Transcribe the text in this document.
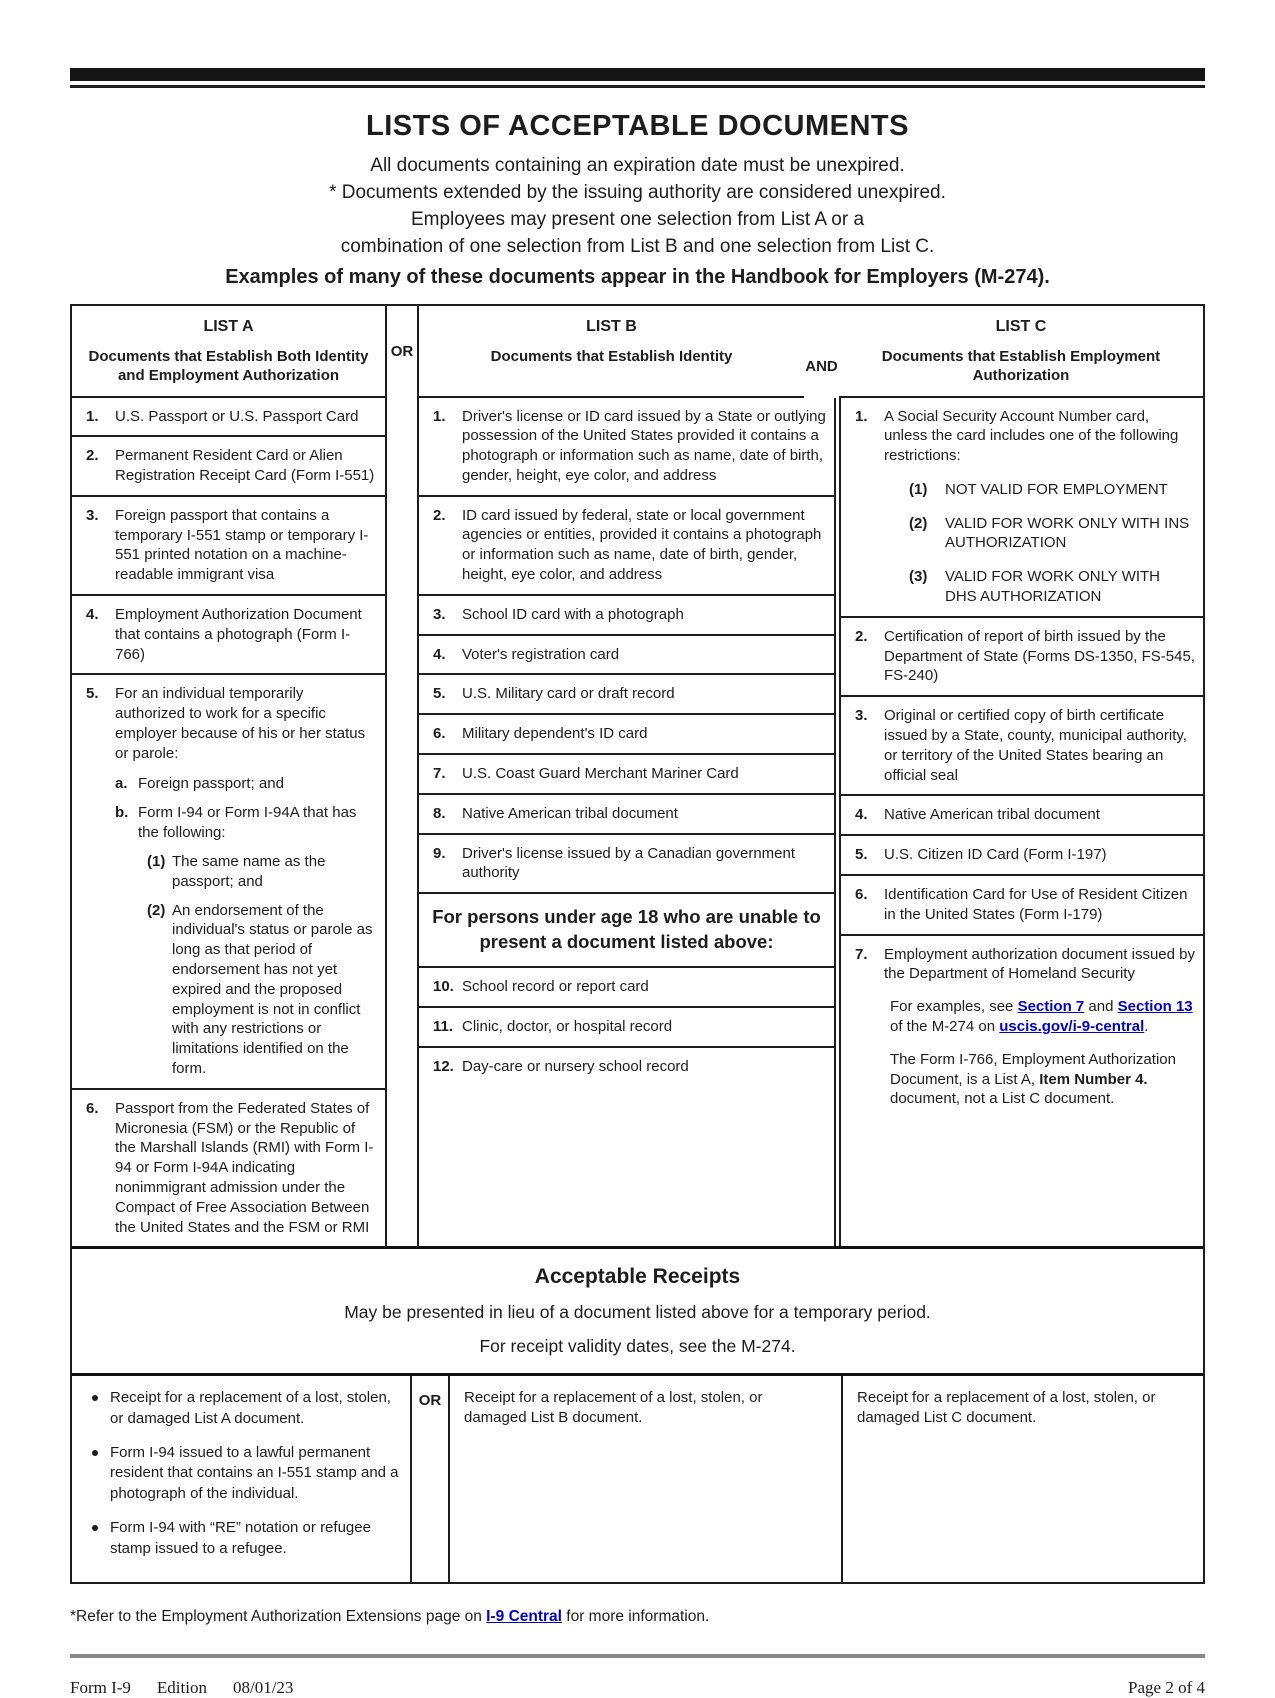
LISTS OF ACCEPTABLE DOCUMENTS
All documents containing an expiration date must be unexpired.
* Documents extended by the issuing authority are considered unexpired.
Employees may present one selection from List A or a
combination of one selection from List B and one selection from List C.
Examples of many of these documents appear in the Handbook for Employers (M-274).
LIST A
Documents that Establish Both Identity and Employment Authorization
OR
LIST B
Documents that Establish Identity
AND
LIST C
Documents that Establish Employment Authorization
1. U.S. Passport or U.S. Passport Card
2. Permanent Resident Card or Alien Registration Receipt Card (Form I-551)
3. Foreign passport that contains a temporary I-551 stamp or temporary I-551 printed notation on a machine-readable immigrant visa
4. Employment Authorization Document that contains a photograph (Form I-766)
5. For an individual temporarily authorized to work for a specific employer because of his or her status or parole:
a. Foreign passport; and
b. Form I-94 or Form I-94A that has the following:
(1) The same name as the passport; and
(2) An endorsement of the individual's status or parole as long as that period of endorsement has not yet expired and the proposed employment is not in conflict with any restrictions or limitations identified on the form.
6. Passport from the Federated States of Micronesia (FSM) or the Republic of the Marshall Islands (RMI) with Form I-94 or Form I-94A indicating nonimmigrant admission under the Compact of Free Association Between the United States and the FSM or RMI
1. Driver's license or ID card issued by a State or outlying possession of the United States provided it contains a photograph or information such as name, date of birth, gender, height, eye color, and address
2. ID card issued by federal, state or local government agencies or entities, provided it contains a photograph or information such as name, date of birth, gender, height, eye color, and address
3. School ID card with a photograph
4. Voter's registration card
5. U.S. Military card or draft record
6. Military dependent's ID card
7. U.S. Coast Guard Merchant Mariner Card
8. Native American tribal document
9. Driver's license issued by a Canadian government authority
For persons under age 18 who are unable to present a document listed above:
10. School record or report card
11. Clinic, doctor, or hospital record
12. Day-care or nursery school record
1. A Social Security Account Number card, unless the card includes one of the following restrictions:
(1) NOT VALID FOR EMPLOYMENT
(2) VALID FOR WORK ONLY WITH INS AUTHORIZATION
(3) VALID FOR WORK ONLY WITH DHS AUTHORIZATION
2. Certification of report of birth issued by the Department of State (Forms DS-1350, FS-545, FS-240)
3. Original or certified copy of birth certificate issued by a State, county, municipal authority, or territory of the United States bearing an official seal
4. Native American tribal document
5. U.S. Citizen ID Card (Form I-197)
6. Identification Card for Use of Resident Citizen in the United States (Form I-179)
7. Employment authorization document issued by the Department of Homeland Security
For examples, see Section 7 and Section 13 of the M-274 on uscis.gov/i-9-central.
The Form I-766, Employment Authorization Document, is a List A, Item Number 4. document, not a List C document.
Acceptable Receipts
May be presented in lieu of a document listed above for a temporary period.
For receipt validity dates, see the M-274.
Receipt for a replacement of a lost, stolen, or damaged List A document.
Form I-94 issued to a lawful permanent resident that contains an I-551 stamp and a photograph of the individual.
Form I-94 with “RE” notation or refugee stamp issued to a refugee.
OR	Receipt for a replacement of a lost, stolen, or damaged List B document.
Receipt for a replacement of a lost, stolen, or damaged List C document.
*Refer to the Employment Authorization Extensions page on I-9 Central for more information.
Form I-9 Edition 08/01/23	Page 2 of 4
